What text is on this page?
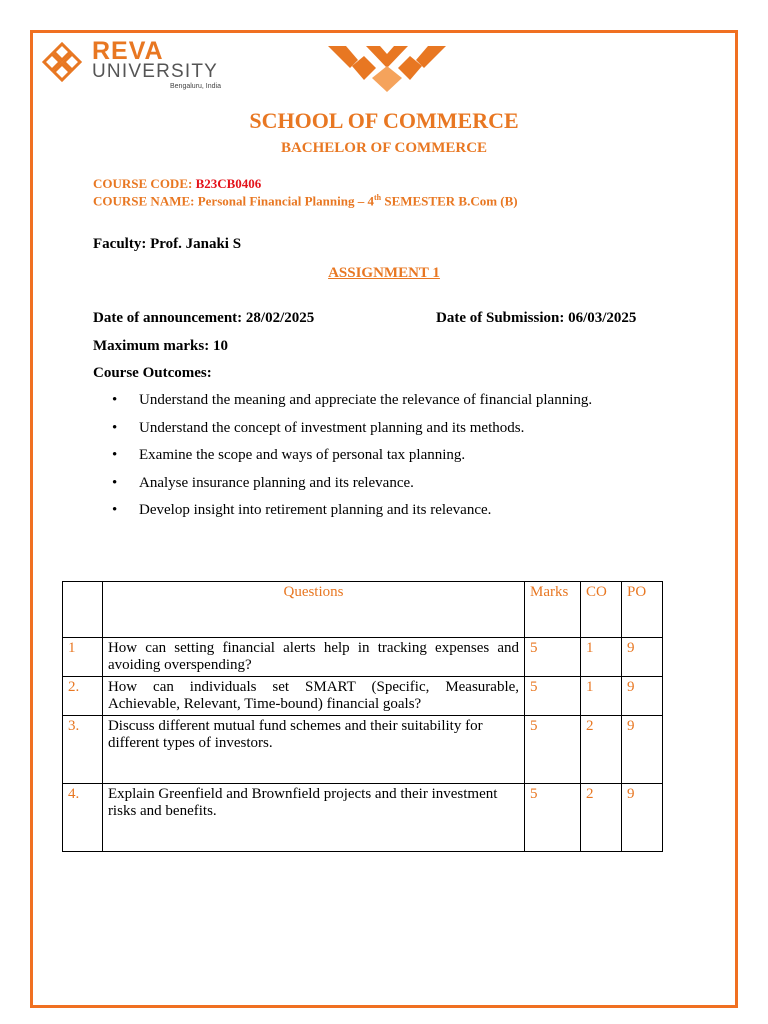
REVA
UNIVERSITY
Bengaluru, India
SCHOOL OF COMMERCE
BACHELOR OF COMMERCE
COURSE CODE: B23CB0406
COURSE NAME: Personal Financial Planning – 4th SEMESTER B.Com (B)
Faculty: Prof. Janaki S
ASSIGNMENT 1
Date of announcement: 28/02/2025	Date of Submission: 06/03/2025
Maximum marks: 10
Course Outcomes:
• Understand the meaning and appreciate the relevance of financial planning.
• Understand the concept of investment planning and its methods.
• Examine the scope and ways of personal tax planning.
• Analyse insurance planning and its relevance.
• Develop insight into retirement planning and its relevance.
	Questions	Marks	CO	PO
1	How can setting financial alerts help in tracking expenses and avoiding overspending?	5	1	9
2.	How can individuals set SMART (Specific, Measurable, Achievable, Relevant, Time-bound) financial goals?	5	1	9
3.	Discuss different mutual fund schemes and their suitability for different types of investors.	5	2	9
4.	Explain Greenfield and Brownfield projects and their investment risks and benefits.	5	2	9
